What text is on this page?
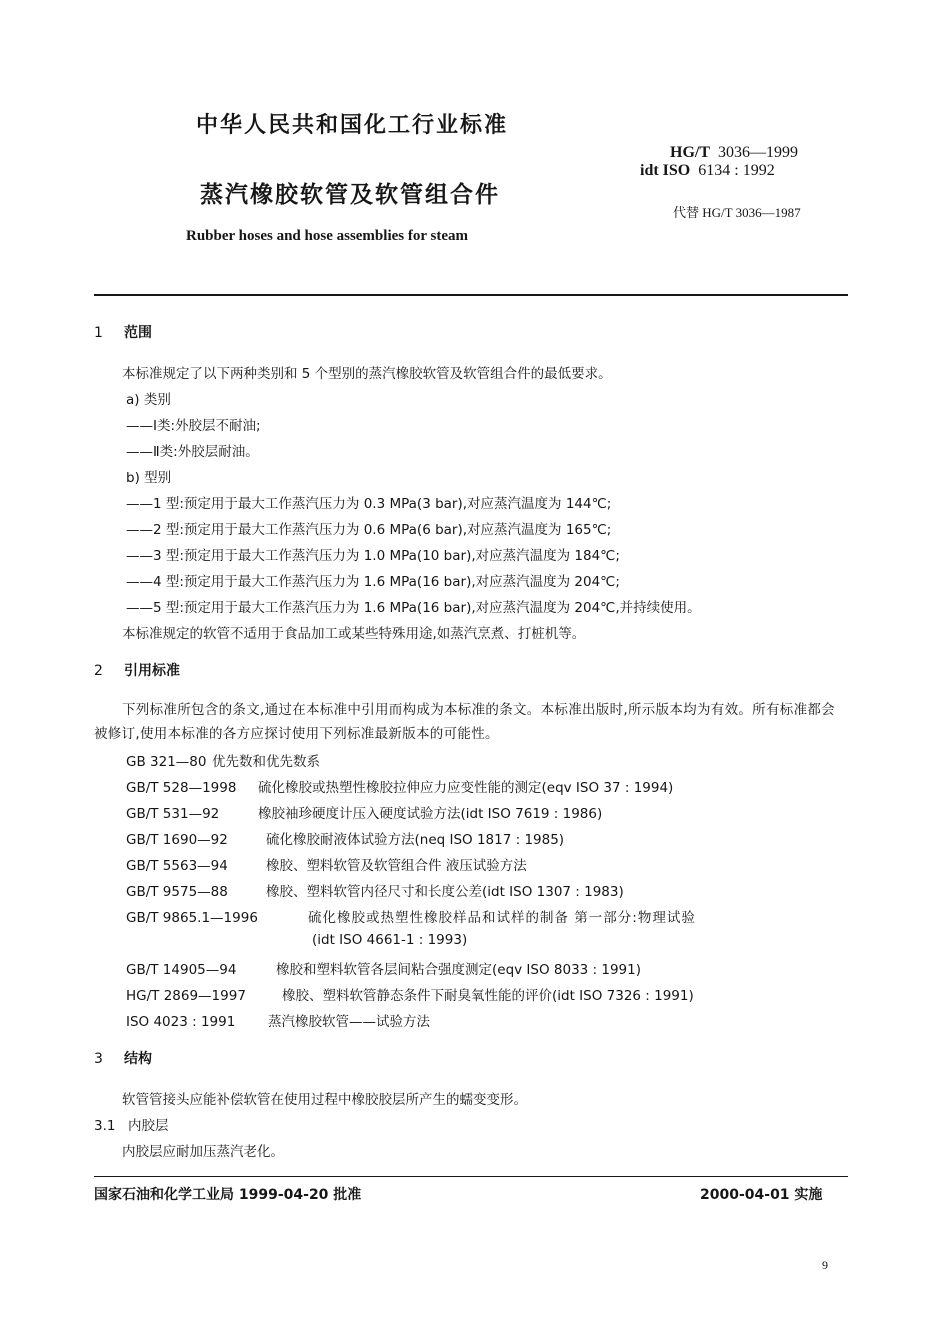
中华人民共和国化工行业标准
蒸汽橡胶软管及软管组合件
Rubber hoses and hose assemblies for steam
HG/T 3036—1999
idt ISO 6134 : 1992
代替 HG/T 3036—1987
1 范围
本标准规定了以下两种类别和 5 个型别的蒸汽橡胶软管及软管组合件的最低要求。
a) 类别
——Ⅰ类:外胶层不耐油;
——Ⅱ类:外胶层耐油。
b) 型别
——1 型:预定用于最大工作蒸汽压力为 0.3 MPa(3 bar),对应蒸汽温度为 144℃;
——2 型:预定用于最大工作蒸汽压力为 0.6 MPa(6 bar),对应蒸汽温度为 165℃;
——3 型:预定用于最大工作蒸汽压力为 1.0 MPa(10 bar),对应蒸汽温度为 184℃;
——4 型:预定用于最大工作蒸汽压力为 1.6 MPa(16 bar),对应蒸汽温度为 204℃;
——5 型:预定用于最大工作蒸汽压力为 1.6 MPa(16 bar),对应蒸汽温度为 204℃,并持续使用。
本标准规定的软管不适用于食品加工或某些特殊用途,如蒸汽烹煮、打桩机等。
2 引用标准
下列标准所包含的条文,通过在本标准中引用而构成为本标准的条文。本标准出版时,所示版本均为有效。所有标准都会被修订,使用本标准的各方应探讨使用下列标准最新版本的可能性。
GB 321—80 优先数和优先数系
GB/T 528—1998 硫化橡胶或热塑性橡胶拉伸应力应变性能的测定(eqv ISO 37 : 1994)
GB/T 531—92	橡胶袖珍硬度计压入硬度试验方法(idt ISO 7619 : 1986)
GB/T 1690—92	硫化橡胶耐液体试验方法(neq ISO 1817 : 1985)
GB/T 5563—94	橡胶、塑料软管及软管组合件 液压试验方法
GB/T 9575—88	橡胶、塑料软管内径尺寸和长度公差(idt ISO 1307 : 1983)
GB/T 9865.1—1996	硫化橡胶或热塑性橡胶样品和试样的制备 第一部分:物理试验
(idt ISO 4661-1 : 1993)
GB/T 14905—94	橡胶和塑料软管各层间粘合强度测定(eqv ISO 8033 : 1991)
HG/T 2869—1997	橡胶、塑料软管静态条件下耐臭氧性能的评价(idt ISO 7326 : 1991)
ISO 4023 : 1991 蒸汽橡胶软管——试验方法
3 结构
软管管接头应能补偿软管在使用过程中橡胶胶层所产生的蠕变变形。
3.1 内胶层
内胶层应耐加压蒸汽老化。
国家石油和化学工业局 1999-04-20 批准	2000-04-01 实施
9
